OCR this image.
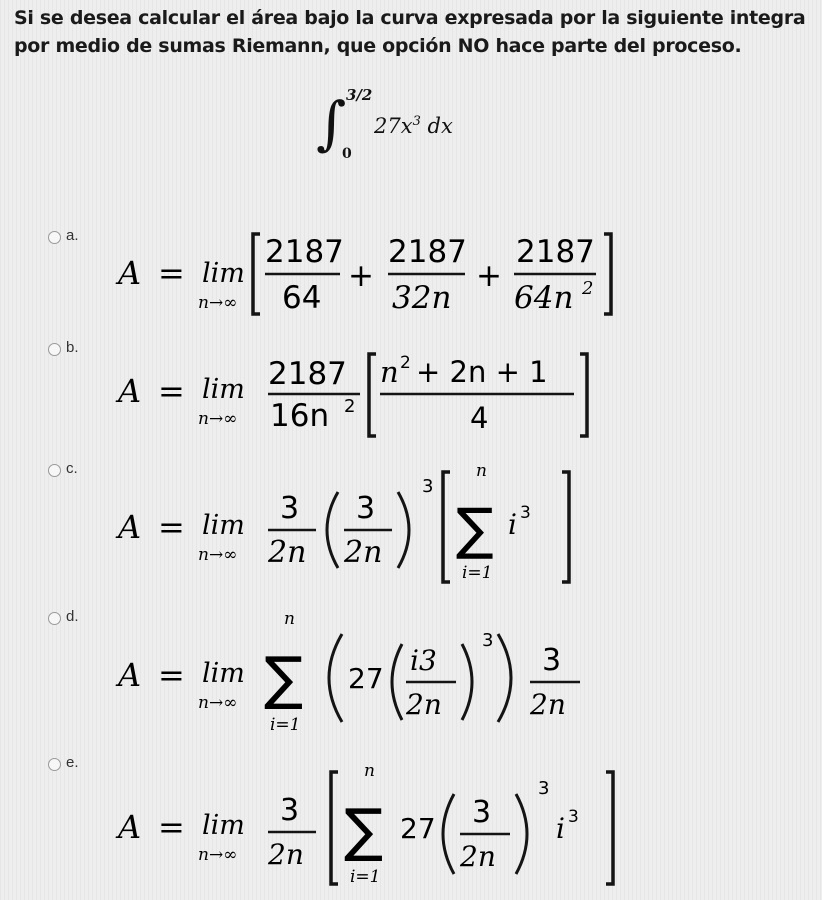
Si se desea calcular el área bajo la curva expresada por la siguiente integra
por medio de sumas Riemann, que opción NO hace parte del proceso.
∫ 3/2
0
$27x^3$ dx
a.
A = lim
n→∞
2187
64
+
2187
32n
+
2187
64n 2
b.
A = lim
n→∞
2187
16n 2
n 2 + 2n + 1
4
c.
A = lim
n→∞
3
2n
3
2n
3
n
∑
i=1
i 3
d.
A = lim
n→∞
n
∑
i=1
27
i3
2n
3
3
2n
e.
A = lim
n→∞
3
2n
n
∑
i=1
27 3
2n
3
i 3
